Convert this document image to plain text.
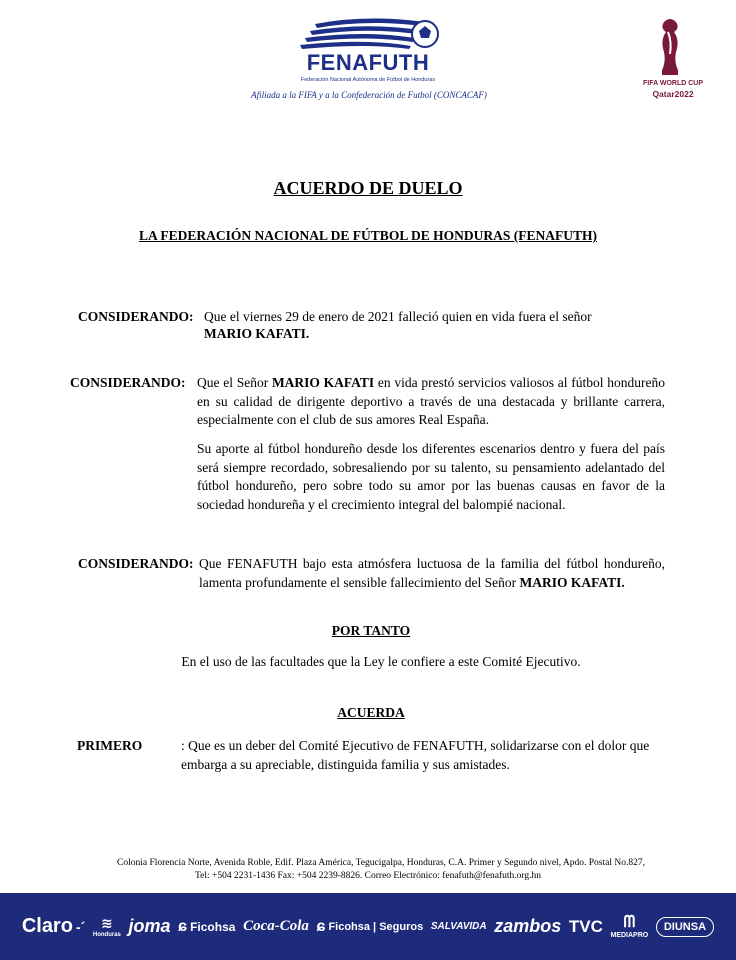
FENAFUTH
Federación Nacional Autónoma de Fútbol de Honduras
Afiliada a la FIFA y a la Confederación de Futbol (CONCACAF)
FIFA WORLD CUP
Qatar2022
ACUERDO DE DUELO
LA FEDERACIÓN NACIONAL DE FÚTBOL DE HONDURAS (FENAFUTH)
CONSIDERANDO: Que el viernes 29 de enero de 2021 falleció quien en vida fuera el señor
MARIO KAFATI.
CONSIDERANDO: Que el Señor MARIO KAFATI en vida prestó servicios valiosos al fútbol hondureño en su calidad de dirigente deportivo a través de una destacada y brillante carrera, especialmente con el club de sus amores Real España.
Su aporte al fútbol hondureño desde los diferentes escenarios dentro y fuera del país será siempre recordado, sobresaliendo por su talento, su pensamiento adelantado del fútbol hondureño, pero sobre todo su amor por las buenas causas en favor de la sociedad hondureña y el crecimiento integral del balompié nacional.
CONSIDERANDO: Que FENAFUTH bajo esta atmósfera luctuosa de la familia del fútbol hondureño, lamenta profundamente el sensible fallecimiento del Señor MARIO KAFATI.
POR TANTO
En el uso de las facultades que la Ley le confiere a este Comité Ejecutivo.
ACUERDA
PRIMERO	: Que es un deber del Comité Ejecutivo de FENAFUTH, solidarizarse con el dolor que embarga a su apreciable, distinguida familia y sus amistades.
Colonia Florencia Norte, Avenida Roble, Edif. Plaza América, Tegucigalpa, Honduras, C.A. Primer y Segundo nivel, Apdo. Postal No.827,
Tel: +504 2231-1436 Fax: +504 2239-8826. Correo Electrónico: fenafuth@fenafuth.org.hn
Claro -´ ≋
Honduras joma ɕ Ficohsa Coca-Cola ɕ Ficohsa | Seguros SALVAVIDA zambos TVC ᗰ
MEDIAPRO
DIUNSA
